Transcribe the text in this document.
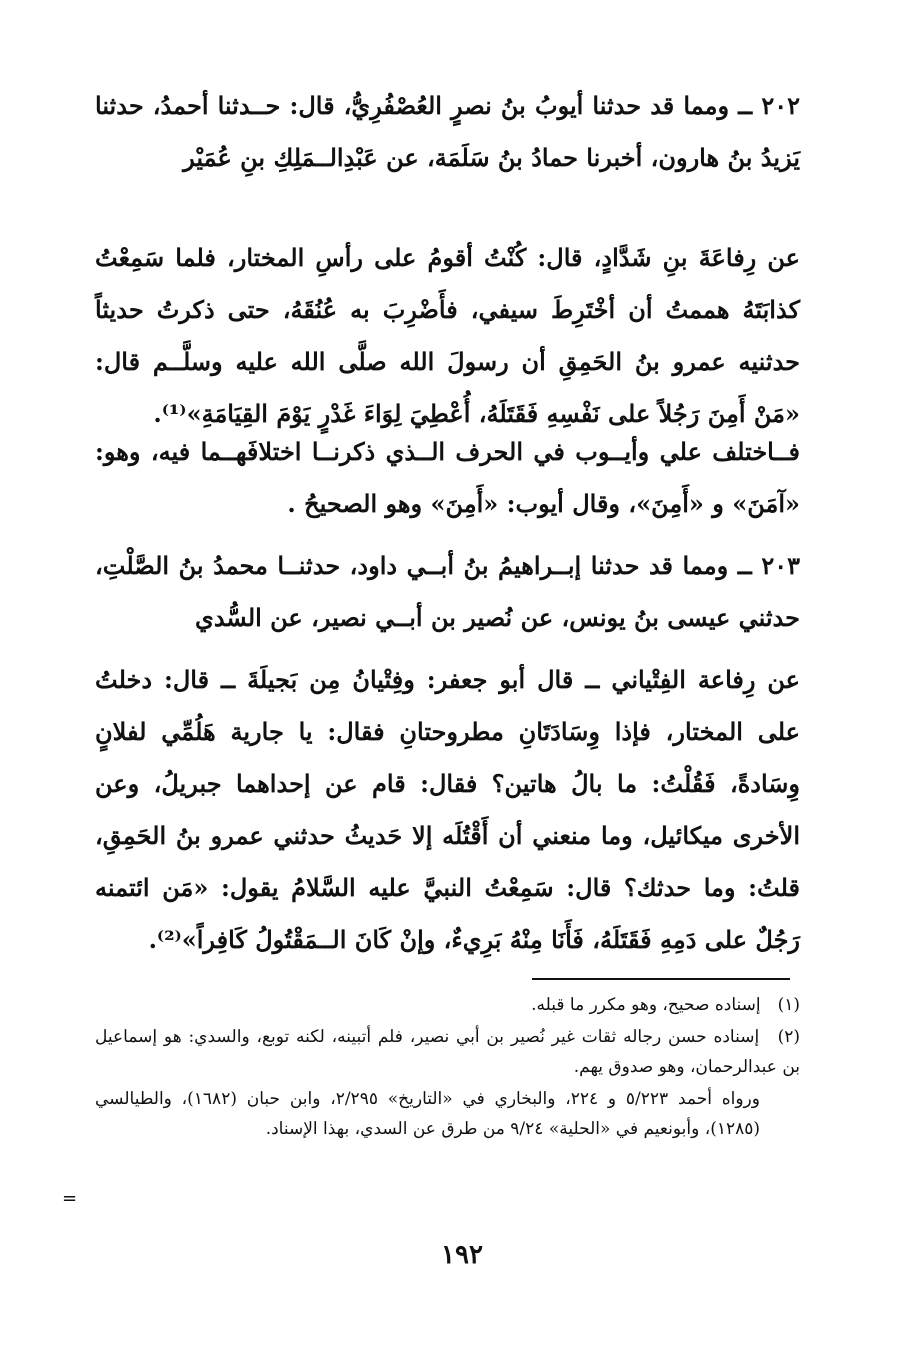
٢٠٢ ــ ومما قد حدثنا أيوبُ بنُ نصرٍ العُصْفُرِيُّ، قال: حــدثنا أحمدُ، حدثنا يَزيدُ بنُ هارون، أخبرنا حمادُ بنُ سَلَمَة، عن عَبْدِالــمَلِكِ بنِ عُمَيْر

عن رِفاعَةَ بنِ شَدَّادٍ، قال: كُنْتُ أقومُ على رأسِ المختار، فلما سَمِعْتُ كذابَتَهُ هممتُ أن أخْتَرِطَ سيفي، فأَضْرِبَ به عُنُقَهُ، حتى ذكرتُ حديثاً حدثنيه عمرو بنُ الحَمِقِ أن رسولَ الله صلَّى الله عليه وسلَّــم قال: «مَنْ أَمِنَ رَجُلاً على نَفْسِهِ فَقَتَلَهُ، أُعْطِيَ لِوَاءَ غَدْرٍ يَوْمَ القِيَامَةِ»⁽¹⁾.

فــاختلف علي وأيــوب في الحرف الــذي ذكرنــا اختلافَهــما فيه، وهو: «آمَنَ» و «أَمِنَ»، وقال أيوب: «أَمِنَ» وهو الصحيحُ .

٢٠٣ ــ ومما قد حدثنا إبــراهيمُ بنُ أبــي داود، حدثنــا محمدُ بنُ الصَّلْتِ، حدثني عيسى بنُ يونس، عن نُصير بن أبــي نصير، عن السُّدي

عن رِفاعة الفِتْياني ــ قال أبو جعفر: وفِتْيانُ مِن بَجيلَةَ ــ قال: دخلتُ على المختار، فإذا وِسَادَتَانِ مطروحتانِ فقال: يا جارية هَلُمِّي لفلانٍ وِسَادةً، فَقُلْتُ: ما بالُ هاتين؟ فقال: قام عن إحداهما جبريلُ، وعن الأخرى ميكائيل، وما منعني أن أَقْتُلَه إلا حَديثُ حدثني عمرو بنُ الحَمِقِ، قلتُ: وما حدثك؟ قال: سَمِعْتُ النبيَّ عليه السَّلامُ يقول: «مَن ائتمنه رَجُلٌ على دَمِهِ فَقَتَلَهُ، فَأَنَا مِنْهُ بَرِيءٌ، وإنْ كَانَ الــمَقْتُولُ كَافِراً»⁽²⁾.

(١) إسناده صحيح، وهو مكرر ما قبله.

(٢) إسناده حسن رجاله ثقات غير نُصير بن أبي نصير، فلم أتبينه، لكنه توبع، والسدي: هو إسماعيل بن عبدالرحمان، وهو صدوق يهم.

ورواه أحمد ٥/٢٢٣ و ٢٢٤، والبخاري في «التاريخ» ٢/٢٩٥، وابن حبان (١٦٨٢)، والطيالسي (١٢٨٥)، وأبونعيم في «الحلية» ٩/٢٤ من طرق عن السدي، بهذا الإسناد.

=
١٩٢
